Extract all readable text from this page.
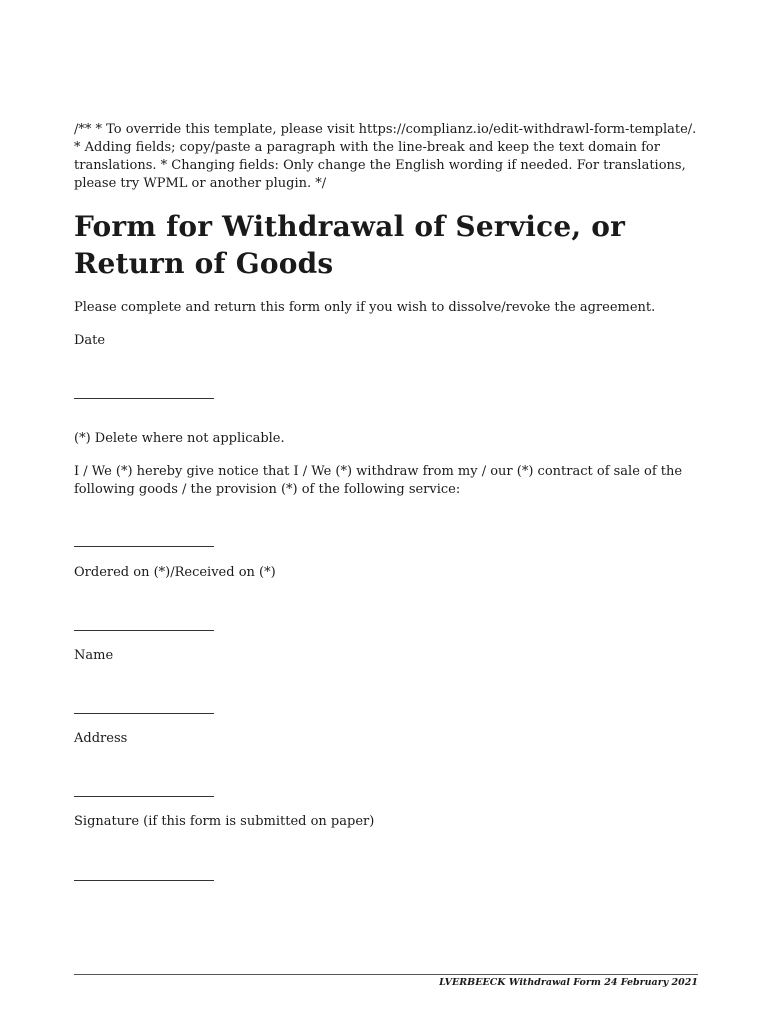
/** * To override this template, please visit https://complianz.io/edit-withdrawl-form-template/. * Adding fields; copy/paste a paragraph with the line-break and keep the text domain for translations. * Changing fields: Only change the English wording if needed. For translations, please try WPML or another plugin. */

Form for Withdrawal of Service, or Return of Goods

Please complete and return this form only if you wish to dissolve/revoke the agreement.

Date

(*) Delete where not applicable.

I / We (*) hereby give notice that I / We (*) withdraw from my / our (*) contract of sale of the following goods / the provision (*) of the following service:

Ordered on (*)/Received on (*)

Name

Address

Signature (if this form is submitted on paper)

LVERBEECK Withdrawal Form 24 February 2021
